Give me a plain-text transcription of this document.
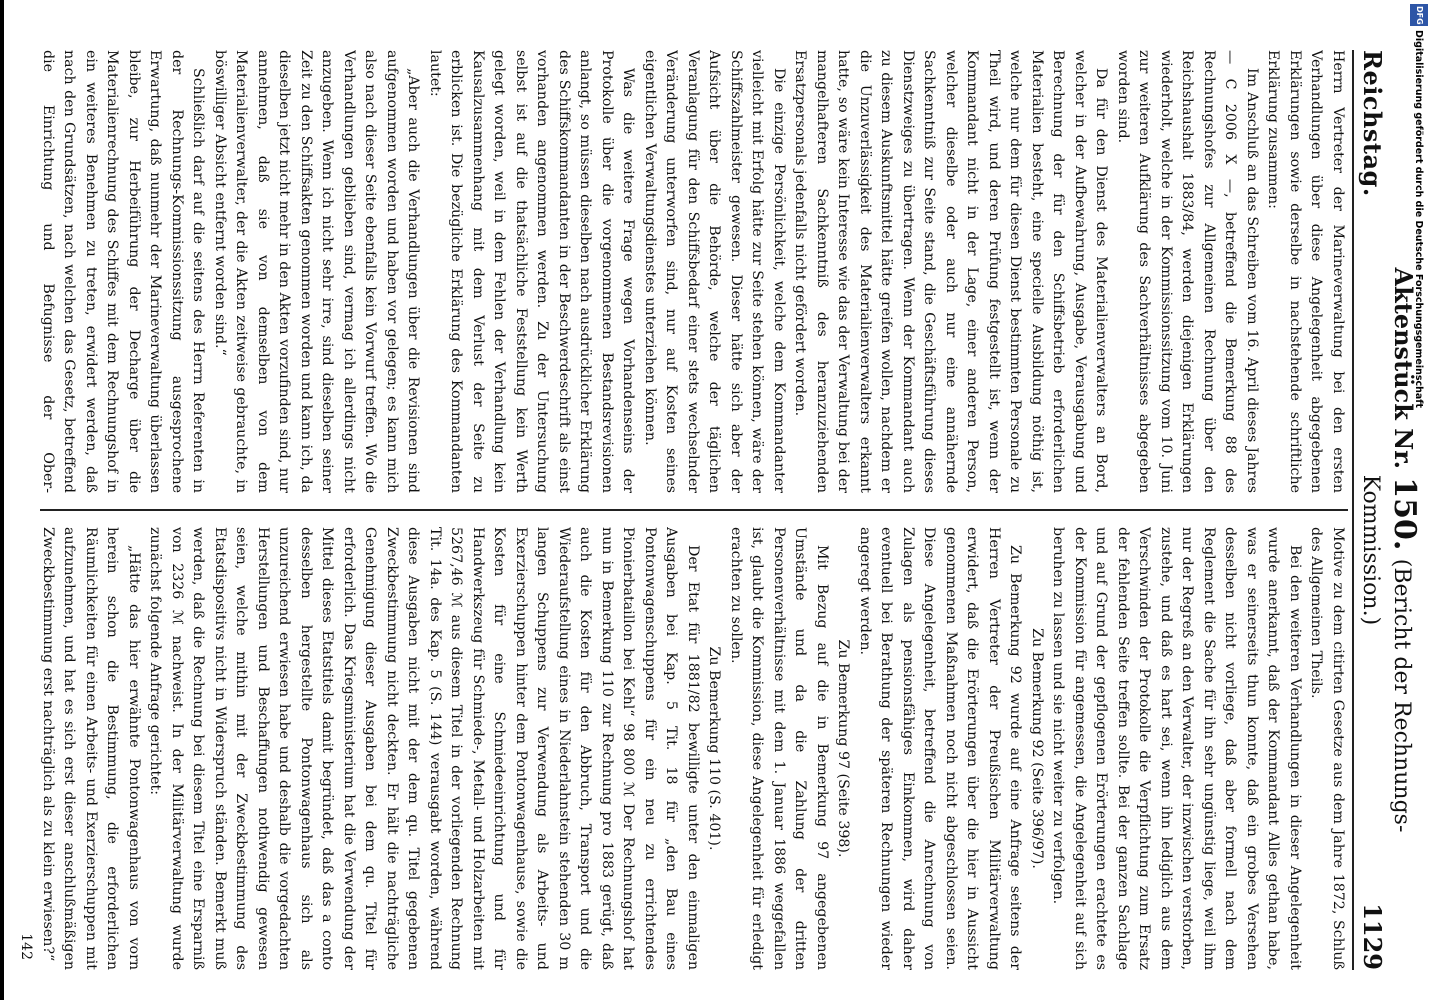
Reichstag.
Aktenstück Nr. 150. (Bericht der Rechnungs-Kommission.)
1129

Herrn Vertreter der Marineverwaltung bei den ersten Verhandlungen über diese Angelegenheit abgegebenen Erklärungen sowie derselbe in nachstehende schriftliche Erklärung zusammen:

Im Anschluß an das Schreiben vom 16. April dieses Jahres — C 2006 X —, betreffend die Bemerkung 88 des Rechnungshofes zur Allgemeinen Rechnung über den Reichshaushalt 1883/84, werden diejenigen Erklärungen wiederholt, welche in der Kommissionssitzung vom 10. Juni zur weiteren Aufklärung des Sachverhältnisses abgegeben worden sind.

Da für den Dienst des Materialienverwalters an Bord, welcher in der Aufbewahrung, Ausgabe, Verausgabung und Berechnung der für den Schiffsbetrieb erforderlichen Materialien besteht, eine specielle Ausbildung nöthig ist, welche nur dem für diesen Dienst bestimmten Personale zu Theil wird, und deren Prüfung festgestellt ist, wenn der Kommandant nicht in der Lage, einer anderen Person, welcher dieselbe oder auch nur eine annähernde Sachkenntniß zur Seite stand, die Geschäftsführung dieses Dienstzweiges zu übertragen. Wenn der Kommandant auch zu diesem Auskunftsmittel hätte greifen wollen, nachdem er die Unzuverlässigkeit des Materialienverwalters erkannt hatte, so wäre kein Interesse wie das der Verwaltung bei der mangelhafteren Sachkenntniß des heranzuziehenden Ersatzpersonals jedenfalls nicht gefördert worden.

Die einzige Persönlichkeit, welche dem Kommandanter vielleicht mit Erfolg hätte zur Seite stehen können, wäre der Schiffszahlmeister gewesen. Dieser hätte sich aber der Aufsicht über die Behörde, welche der täglichen Veranlagung für den Schiffsbedarf einer stets wechselnder Veränderung unterworfen sind, nur auf Kosten seines eigentlichen Verwaltungsdienstes unterziehen können.

Was die weitere Frage wegen Vorhandenseins der Protokolle über die vorgenommenen Bestandsrevisionen anlangt, so müssen dieselben nach ausdrücklicher Erklärung des Schiffskommandanten in der Beschwerdeschrift als einst vorhanden angenommen werden. Zu der Untersuchung selbst ist auf die thatsächliche Feststellung kein Werth gelegt worden, weil in dem Fehlen der Verhandlung kein Kausalzusammenhang mit dem Verlust der Seite zu erblicken ist. Die bezügliche Erklärung des Kommandanten lautet:

„Aber auch die Verhandlungen über die Revisionen sind aufgenommen worden und haben vor gelegen; es kann mich also nach dieser Seite ebenfalls kein Vorwurf treffen. Wo die Verhandlungen geblieben sind, vermag ich allerdings nicht anzugeben. Wenn ich nicht sehr irre, sind dieselben seiner Zeit zu den Schiffsakten genommen worden und kann ich, da dieselben jetzt nicht mehr in den Akten vorzufinden sind, nur annehmen, daß sie von demselben von dem Materialienverwalter, der die Akten zeitweise gebrauchte, in böswilliger Absicht entfernt worden sind.“

Schließlich darf auf die seitens des Herrn Referenten in der Rechnungs-Kommissionssitzung ausgesprochene Erwartung, daß nunmehr der Marineverwaltung überlassen bleibe, zur Herbeiführung der Decharge über die Materialienrechnung des Schiffes mit dem Rechnungshof in ein weiteres Benehmen zu treten, erwidert werden, daß nach den Grundsätzen, nach welchen das Gesetz, betreffend die Einrichtung und Befugnisse der Ober-

Motive zu dem citirten Gesetze aus dem Jahre 1872, Schluß des Allgemeinen Theils.

Bei den weiteren Verhandlungen in dieser Angelegenheit wurde anerkannt, daß der Kommandant Alles gethan habe, was er seinerseits thun konnte, daß ein grobes Versehen desselben nicht vorliege, daß aber formell nach dem Reglement die Sache für ihn sehr ungünstig liege, weil ihm nur der Regreß an den Verwalter, der inzwischen verstorben, zustehe, und daß es hart sei, wenn ihn lediglich aus dem Verschwinden der Protokolle die Verpflichtung zum Ersatz der fehlenden Seite treffen sollte. Bei der ganzen Sachlage und auf Grund der gepflogenen Erörterungen erachtete es der Kommission für angemessen, die Angelegenheit auf sich beruhen zu lassen und sie nicht weiter zu verfolgen.

Zu Bemerkung 92 (Seite 396/97).

Zu Bemerkung 92 wurde auf eine Anfrage seitens der Herren Vertreter der Preußischen Militärverwaltung erwidert, daß die Erörterungen über die hier in Aussicht genommenen Maßnahmen noch nicht abgeschlossen seien. Diese Angelegenheit, betreffend die Anrechnung von Zulagen als pensionsfähiges Einkommen, wird daher eventuell bei Berathung der späteren Rechnungen wieder angeregt werden.

Zu Bemerkung 97 (Seite 398).

Mit Bezug auf die in Bemerkung 97 angegebenen Umstände und da die Zahlung der dritten Personenverhältnisse mit dem 1. Januar 1886 weggefallen ist, glaubt die Kommission, diese Angelegenheit für erledigt erachten zu sollen.

Zu Bemerkung 110 (S. 401).

Der Etat für 1881/82 bewilligte unter den einmaligen Ausgaben bei Kap. 5 Tit. 18 für „den Bau eines Pontonwagenschuppens für ein neu zu errichtendes Pionierbataillon bei Kehl“ 98 800 ℳ Der Rechnungshof hat nun in Bemerkung 110 zur Rechnung pro 1883 gerügt, daß auch die Kosten für den Abbruch, Transport und die Wiederaufstellung eines in Niederlahnstein stehenden 30 m langen Schuppens zur Verwendung als Arbeits- und Exerzierschuppen hinter dem Pontonwagenhause, sowie die Kosten für eine Schmiedeeinrichtung und für Handwerkszeug für Schmiede-, Metall- und Holzarbeiten mit 5267,46 ℳ aus diesem Titel in der vorliegenden Rechnung Tit. 14a. des Kap. 5 (S. 144) verausgabt worden, während diese Ausgaben nicht mit der dem qu. Titel gegebenen Zweckbestimmung nicht deckten. Er hält die nachträgliche Genehmigung dieser Ausgaben bei dem qu. Titel für erforderlich. Das Kriegsministerium hat die Verwendung der Mittel dieses Etatstitels damit begründet, daß das a conto desselben hergestellte Pontonwagenhaus sich als unzureichend erwiesen habe und deshalb die vorgedachten Herstellungen und Beschaffungen nothwendig gewesen seien, welche mithin mit der Zweckbestimmung des Etatsdispositivs nicht in Widerspruch ständen. Bemerkt muß werden, daß die Rechnung bei diesem Titel eine Ersparniß von 2326 ℳ nachweist. In der Militärverwaltung wurde zunächst folgende Anfrage gerichtet:

„Hätte das hier erwähnte Pontonwagenhaus von vorn herein schon die Bestimmung, die erforderlichen Räumlichkeiten für einen Arbeits- und Exerzierschuppen mit aufzunehmen, und hat es sich erst dieser anschlußmäßigen Zweckbestimmung erst nachträglich als zu klein erwiesen?“

142
DFG
Digitalisierung gefördert durch die Deutsche Forschungsgemeinschaft
